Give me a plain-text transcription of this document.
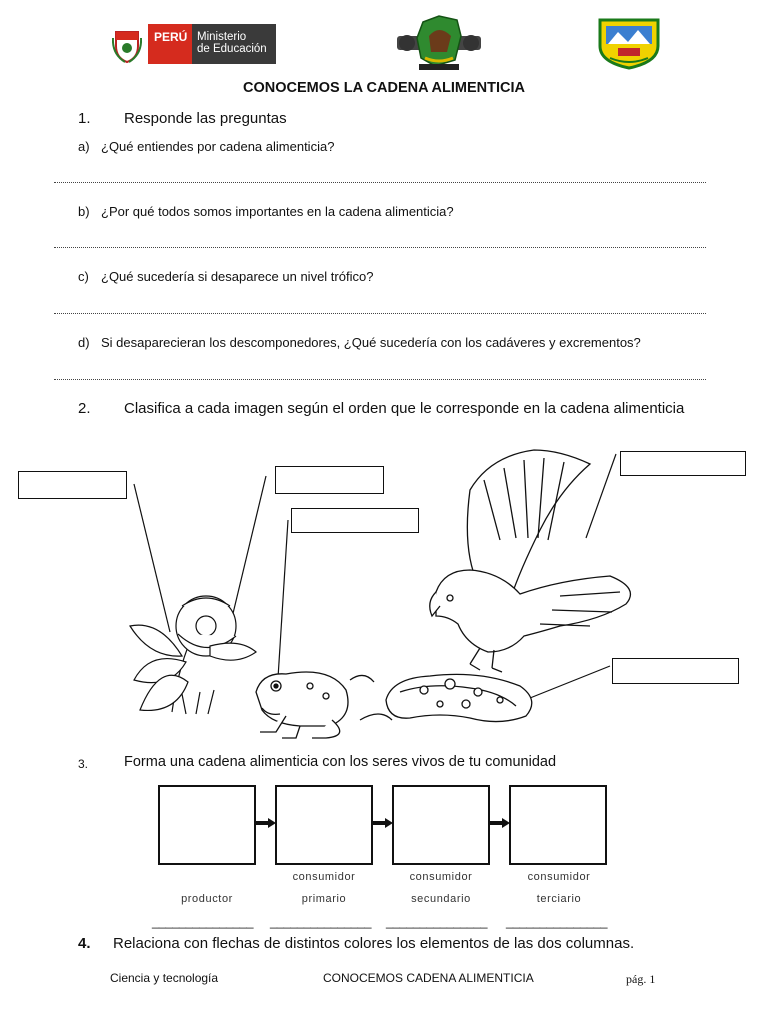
PERÚ Ministerio
de Educación
CONOCEMOS LA CADENA ALIMENTICIA
1. Responde las preguntas
a) ¿Qué entiendes por cadena alimenticia?
b) ¿Por qué todos somos importantes en la cadena alimenticia?
c) ¿Qué sucedería si desaparece un nivel trófico?
d) Si desaparecieran los descomponedores, ¿Qué sucedería con los cadáveres y excrementos?
2. Clasifica a cada imagen según el orden que le corresponde en la cadena alimenticia
3. Forma una cadena alimenticia con los seres vivos de tu comunidad
productor
consumidor
primario
consumidor
secundario
consumidor
terciario
_______________ _______________ _______________ _______________
4. Relaciona con flechas de distintos colores los elementos de las dos columnas.
Ciencia y tecnología	CONOCEMOS CADENA ALIMENTICIA	pág. 1
